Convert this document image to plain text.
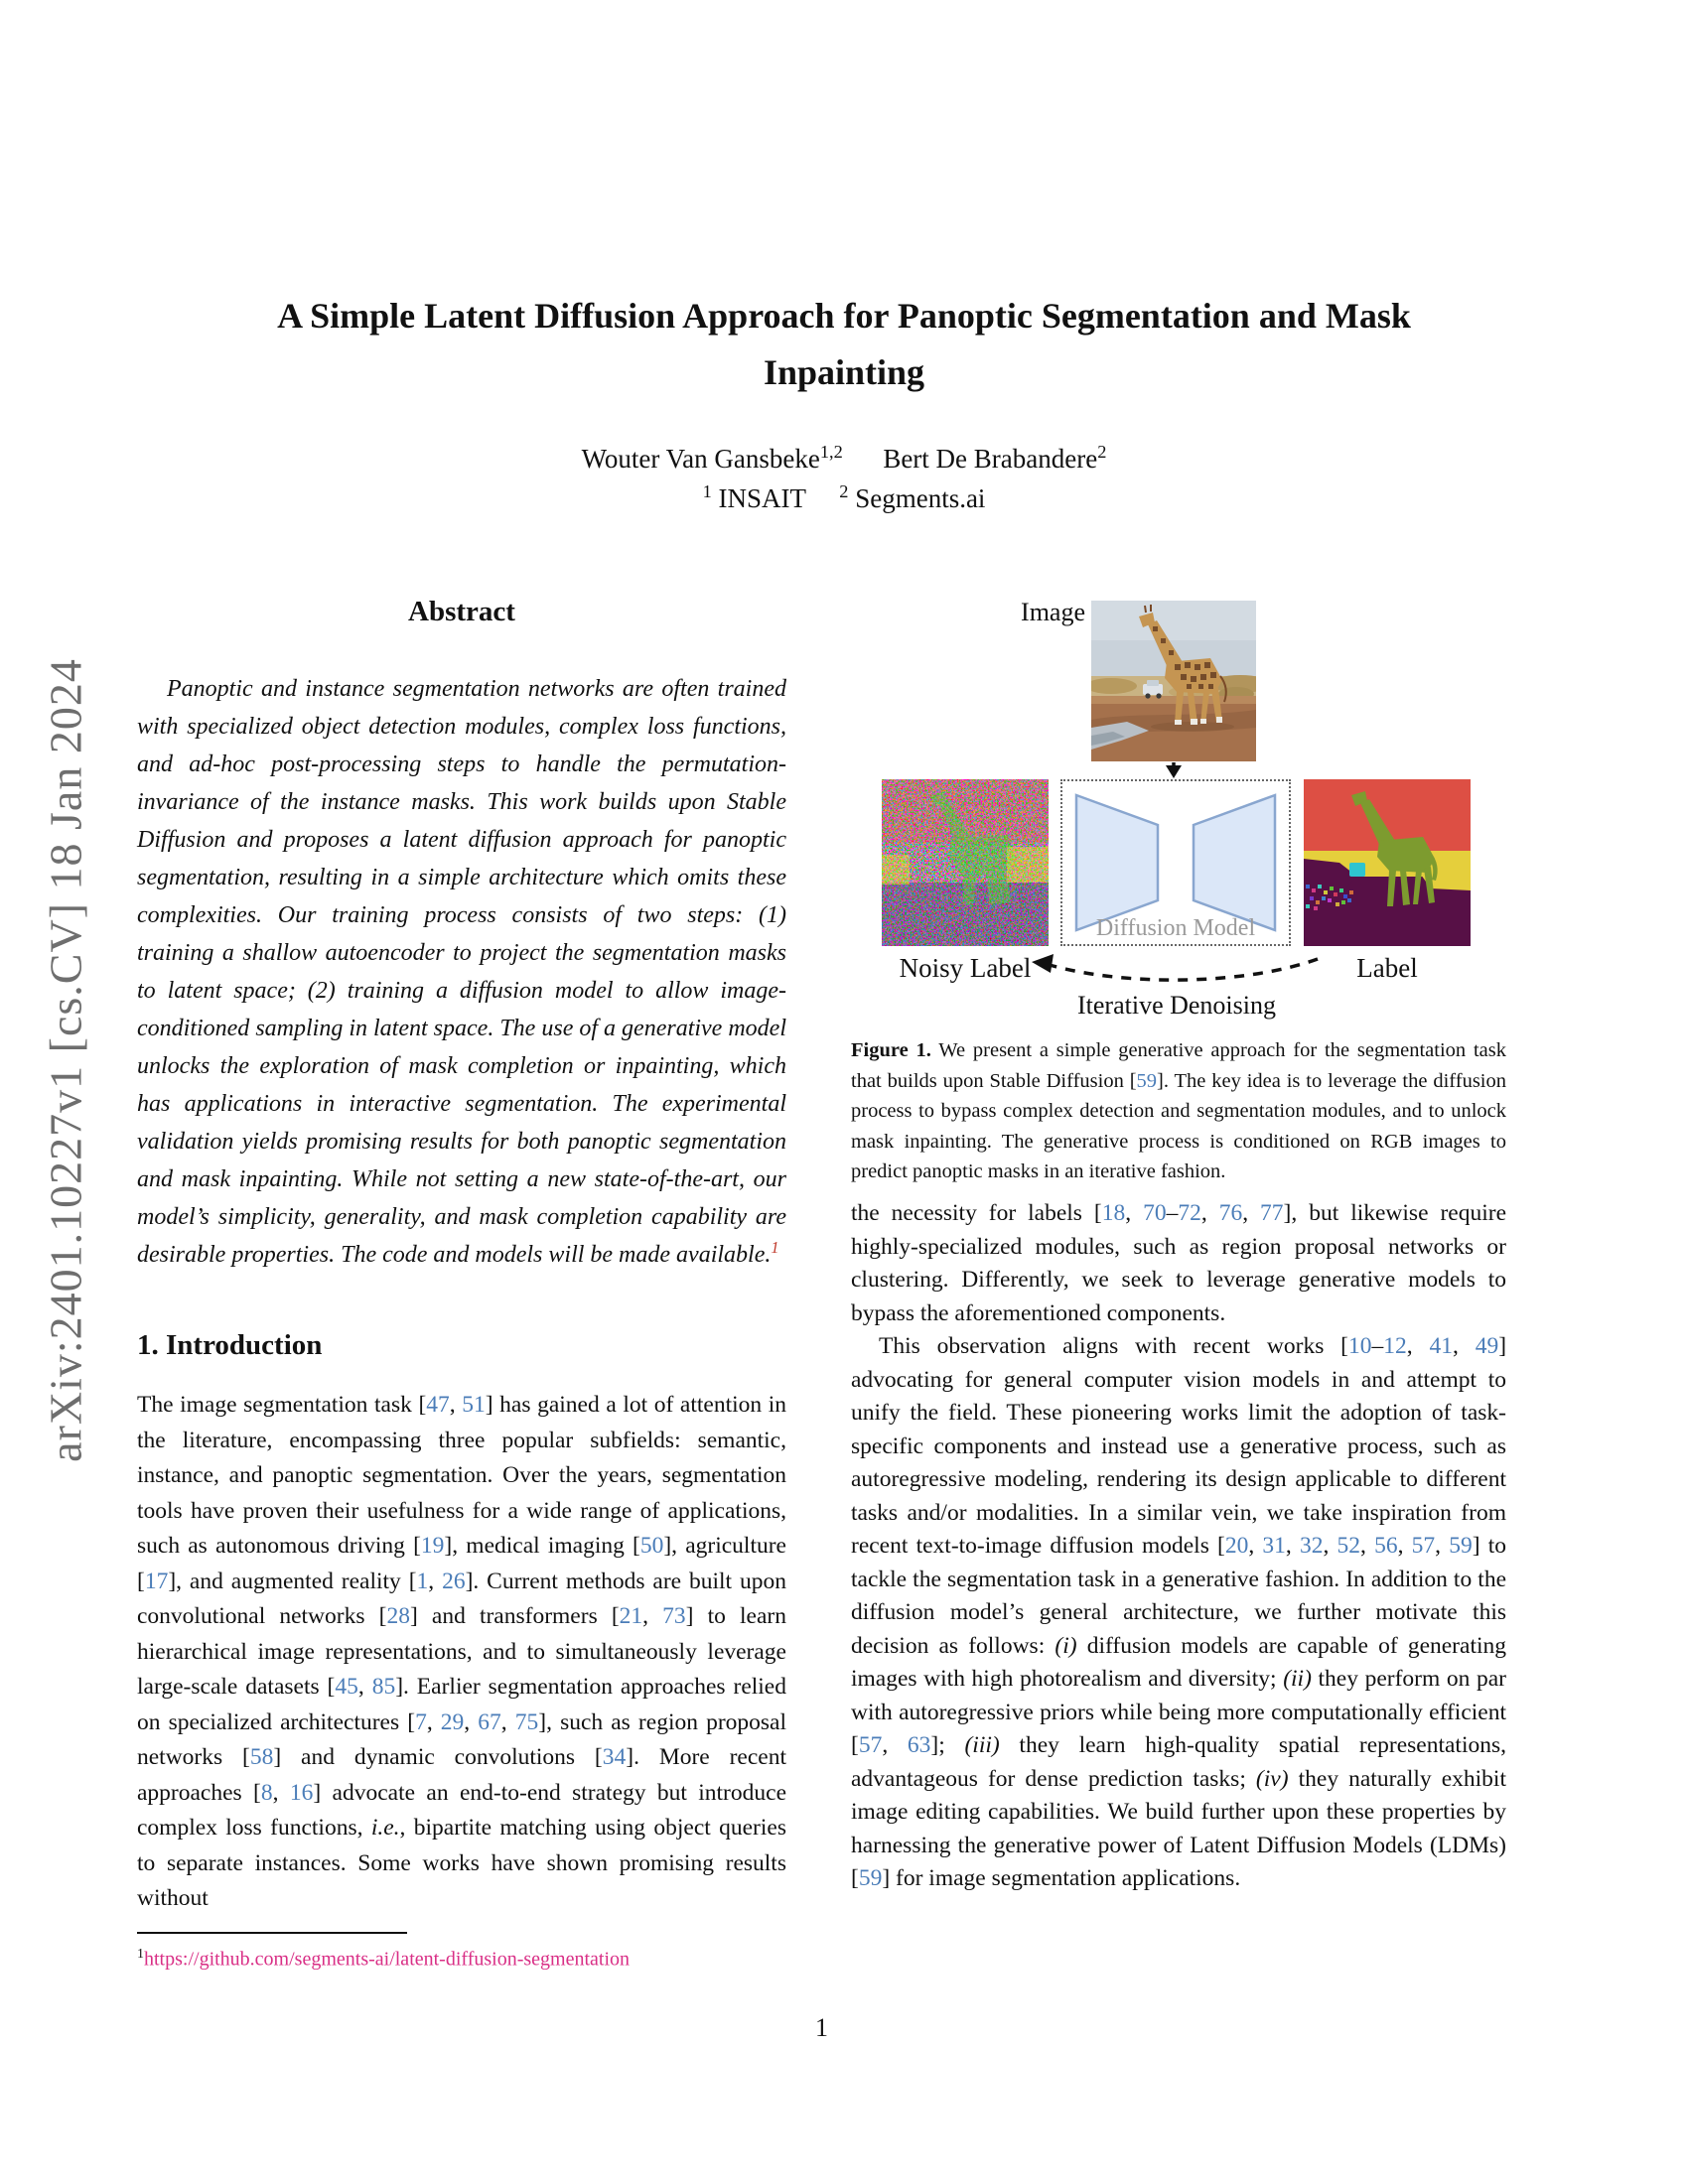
arXiv:2401.10227v1 [cs.CV] 18 Jan 2024
A Simple Latent Diffusion Approach for Panoptic Segmentation and Mask
Inpainting
Wouter Van Gansbeke$^{1,2}$ Bert De Brabandere$^2$
$^1$ INSAIT     $^2$ Segments.ai
Abstract

Panoptic and instance segmentation networks are often trained with specialized object detection modules, complex loss functions, and ad-hoc post-processing steps to handle the permutation-invariance of the instance masks. This work builds upon Stable Diffusion and proposes a latent diffusion approach for panoptic segmentation, resulting in a simple architecture which omits these complexities. Our training process consists of two steps: (1) training a shallow autoencoder to project the segmentation masks to latent space; (2) training a diffusion model to allow image-conditioned sampling in latent space. The use of a generative model unlocks the exploration of mask completion or inpainting, which has applications in interactive segmentation. The experimental validation yields promising results for both panoptic segmentation and mask inpainting. While not setting a new state-of-the-art, our model’s simplicity, generality, and mask completion capability are desirable properties. The code and models will be made available.$^1$

1. Introduction

The image segmentation task [47, 51] has gained a lot of attention in the literature, encompassing three popular subfields: semantic, instance, and panoptic segmentation. Over the years, segmentation tools have proven their usefulness for a wide range of applications, such as autonomous driving [19], medical imaging [50], agriculture [17], and augmented reality [1, 26]. Current methods are built upon convolutional networks [28] and transformers [21, 73] to learn hierarchical image representations, and to simultaneously leverage large-scale datasets [45, 85]. Earlier segmentation approaches relied on specialized architectures [7, 29, 67, 75], such as region proposal networks [58] and dynamic convolutions [34]. More recent approaches [8, 16] advocate an end-to-end strategy but introduce complex loss functions, i.e., bipartite matching using object queries to separate instances. Some works have shown promising results without

Image
Diffusion Model
Noisy Label	Label
Iterative Denoising
Figure 1. We present a simple generative approach for the segmentation task that builds upon Stable Diffusion [59]. The key idea is to leverage the diffusion process to bypass complex detection and segmentation modules, and to unlock mask inpainting. The generative process is conditioned on RGB images to predict panoptic masks in an iterative fashion.

the necessity for labels [18, 70–72, 76, 77], but likewise require highly-specialized modules, such as region proposal networks or clustering. Differently, we seek to leverage generative models to bypass the aforementioned components.

This observation aligns with recent works [10–12, 41, 49] advocating for general computer vision models in and attempt to unify the field. These pioneering works limit the adoption of task-specific components and instead use a generative process, such as autoregressive modeling, rendering its design applicable to different tasks and/or modalities. In a similar vein, we take inspiration from recent text-to-image diffusion models [20, 31, 32, 52, 56, 57, 59] to tackle the segmentation task in a generative fashion. In addition to the diffusion model’s general architecture, we further motivate this decision as follows: (i) diffusion models are capable of generating images with high photorealism and diversity; (ii) they perform on par with autoregressive priors while being more computationally efficient [57, 63]; (iii) they learn high-quality spatial representations, advantageous for dense prediction tasks; (iv) they naturally exhibit image editing capabilities. We build further upon these properties by harnessing the generative power of Latent Diffusion Models (LDMs) [59] for image segmentation applications.

$^1$https://github.com/segments-ai/latent-diffusion-segmentation
1
